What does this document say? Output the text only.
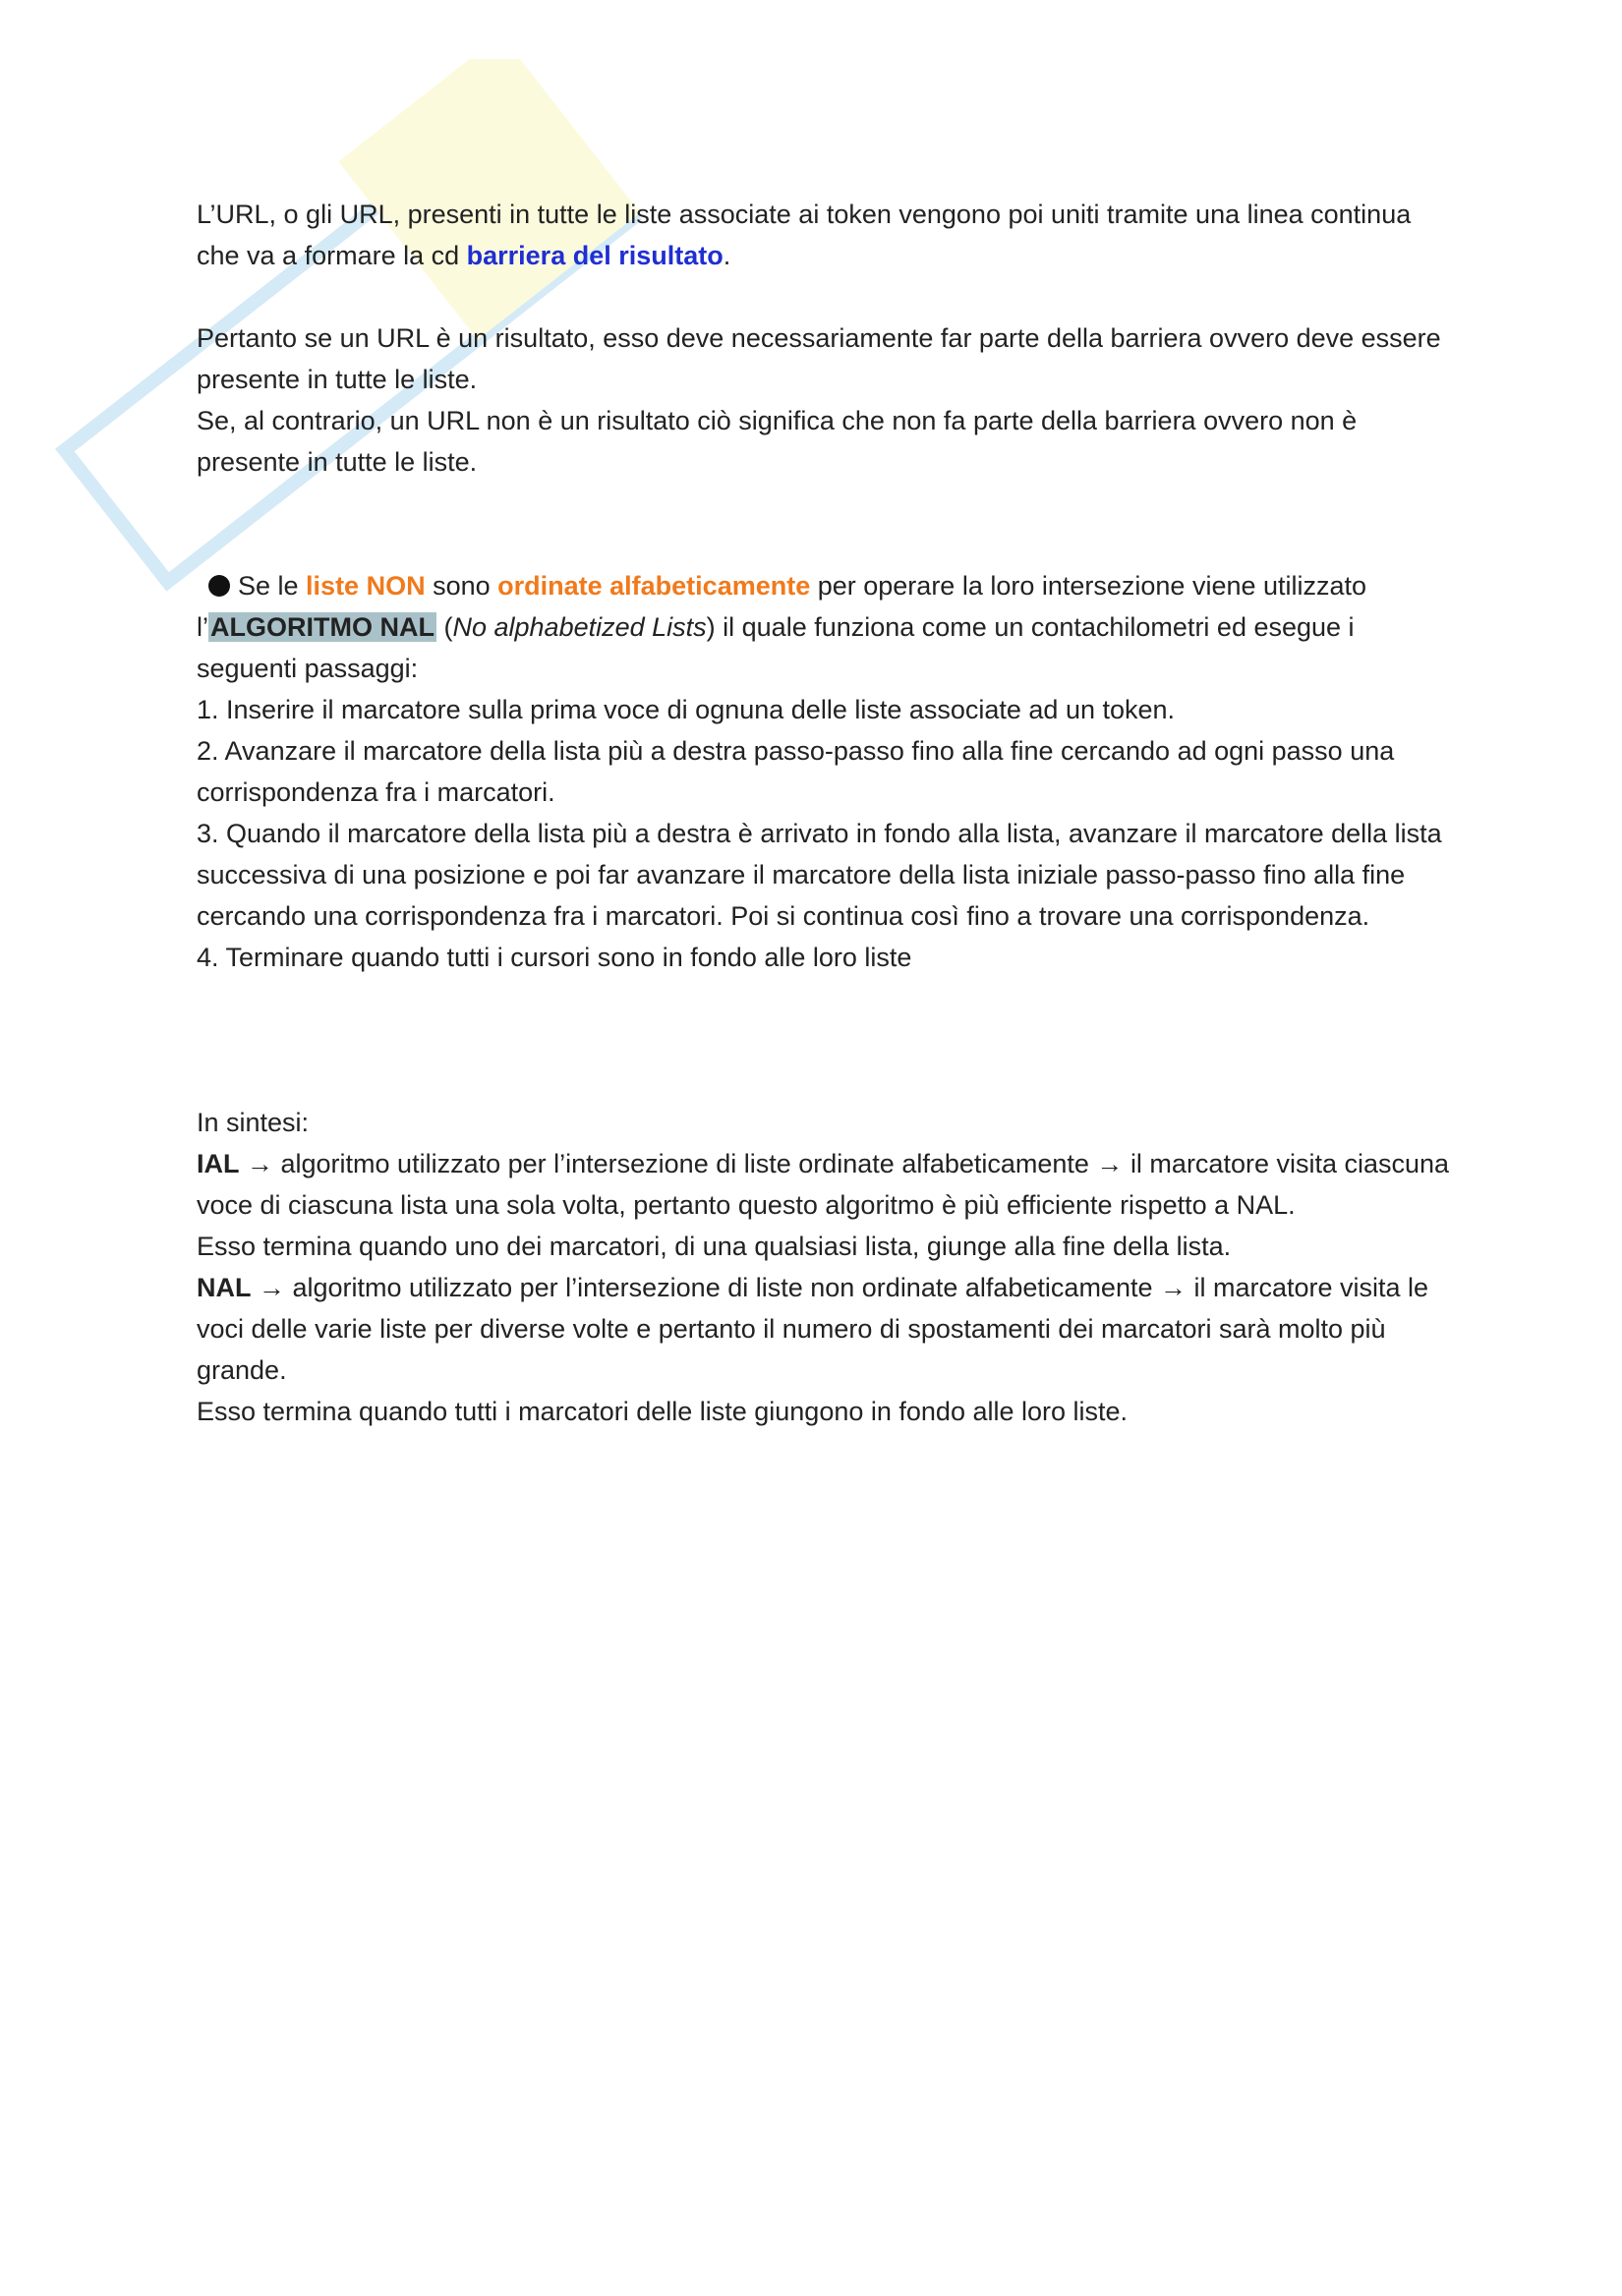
L’URL, o gli URL, presenti in tutte le liste associate ai token vengono poi uniti tramite una linea continua che va a formare la cd barriera del risultato.

Pertanto se un URL è un risultato, esso deve necessariamente far parte della barriera ovvero deve essere presente in tutte le liste.

Se, al contrario, un URL non è un risultato ciò significa che non fa parte della barriera ovvero non è presente in tutte le liste.

Se le liste NON sono ordinate alfabeticamente per operare la loro intersezione viene utilizzato l’ALGORITMO NAL (No alphabetized Lists) il quale funziona come un contachilometri ed esegue i seguenti passaggi:

1. Inserire il marcatore sulla prima voce di ognuna delle liste associate ad un token.

2. Avanzare il marcatore della lista più a destra passo-passo fino alla fine cercando ad ogni passo una corrispondenza fra i marcatori.

3. Quando il marcatore della lista più a destra è arrivato in fondo alla lista, avanzare il marcatore della lista successiva di una posizione e poi far avanzare il marcatore della lista iniziale passo-passo fino alla fine cercando una corrispondenza fra i marcatori. Poi si continua così fino a trovare una corrispondenza.

4. Terminare quando tutti i cursori sono in fondo alle loro liste

In sintesi:

IAL → algoritmo utilizzato per l’intersezione di liste ordinate alfabeticamente → il marcatore visita ciascuna voce di ciascuna lista una sola volta, pertanto questo algoritmo è più efficiente rispetto a NAL.

Esso termina quando uno dei marcatori, di una qualsiasi lista, giunge alla fine della lista.

NAL → algoritmo utilizzato per l’intersezione di liste non ordinate alfabeticamente → il marcatore visita le voci delle varie liste per diverse volte e pertanto il numero di spostamenti dei marcatori sarà molto più grande.

Esso termina quando tutti i marcatori delle liste giungono in fondo alle loro liste.
